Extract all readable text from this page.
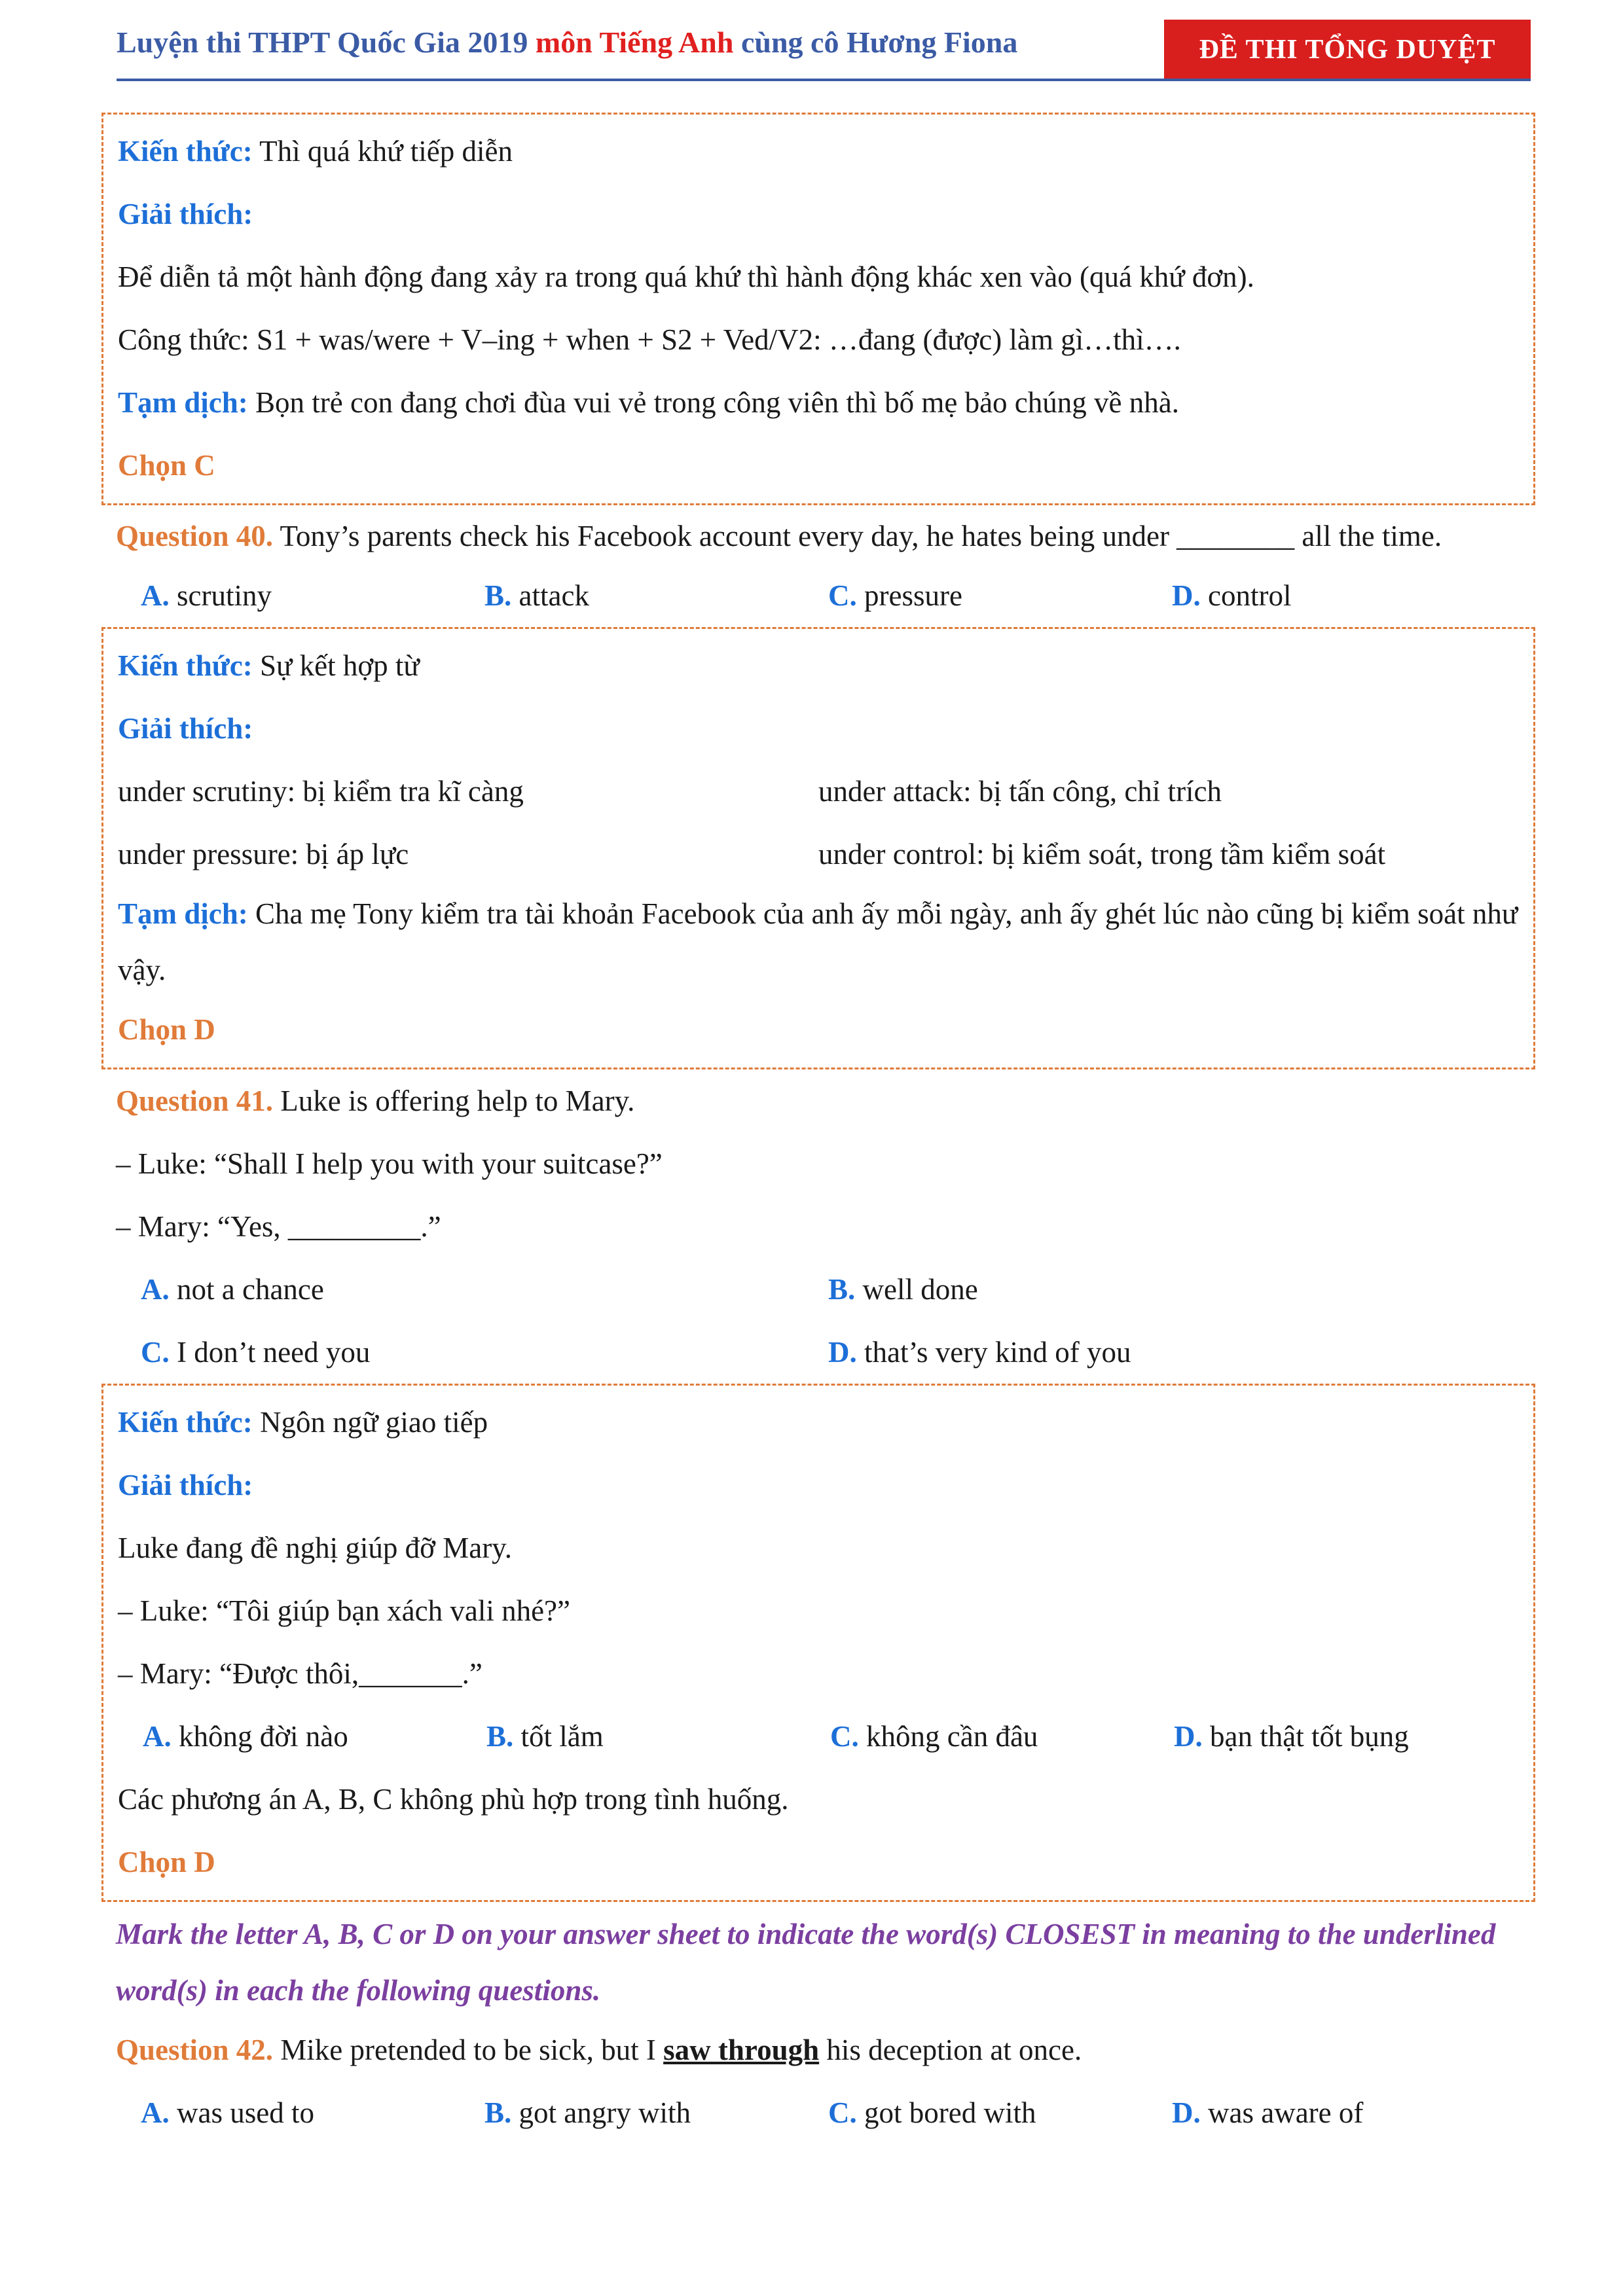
Luyện thi THPT Quốc Gia 2019 môn Tiếng Anh cùng cô Hương Fiona	ĐỀ THI TỔNG DUYỆT
Kiến thức: Thì quá khứ tiếp diễn
Giải thích:
Để diễn tả một hành động đang xảy ra trong quá khứ thì hành động khác xen vào (quá khứ đơn).
Công thức: S1 + was/were + V–ing + when + S2 + Ved/V2: …đang (được) làm gì…thì….
Tạm dịch: Bọn trẻ con đang chơi đùa vui vẻ trong công viên thì bố mẹ bảo chúng về nhà.
Chọn C
Question 40. Tony’s parents check his Facebook account every day, he hates being under ________ all the time.
A. scrutiny	B. attack	C. pressure	D. control
Kiến thức: Sự kết hợp từ
Giải thích:
under scrutiny: bị kiểm tra kĩ càng	under attack: bị tấn công, chỉ trích
under pressure: bị áp lực	under control: bị kiểm soát, trong tầm kiểm soát
Tạm dịch: Cha mẹ Tony kiểm tra tài khoản Facebook của anh ấy mỗi ngày, anh ấy ghét lúc nào cũng bị kiểm soát như vậy.
Chọn D
Question 41. Luke is offering help to Mary.
– Luke: “Shall I help you with your suitcase?”
– Mary: “Yes, _________.”
A. not a chance	B. well done
C. I don’t need you	D. that’s very kind of you
Kiến thức: Ngôn ngữ giao tiếp
Giải thích:
Luke đang đề nghị giúp đỡ Mary.
– Luke: “Tôi giúp bạn xách vali nhé?”
– Mary: “Được thôi,_______.”
A. không đời nào	B. tốt lắm	C. không cần đâu	D. bạn thật tốt bụng
Các phương án A, B, C không phù hợp trong tình huống.
Chọn D
Mark the letter A, B, C or D on your answer sheet to indicate the word(s) CLOSEST in meaning to the underlined word(s) in each the following questions.
Question 42. Mike pretended to be sick, but I saw through his deception at once.
A. was used to	B. got angry with	C. got bored with	D. was aware of
